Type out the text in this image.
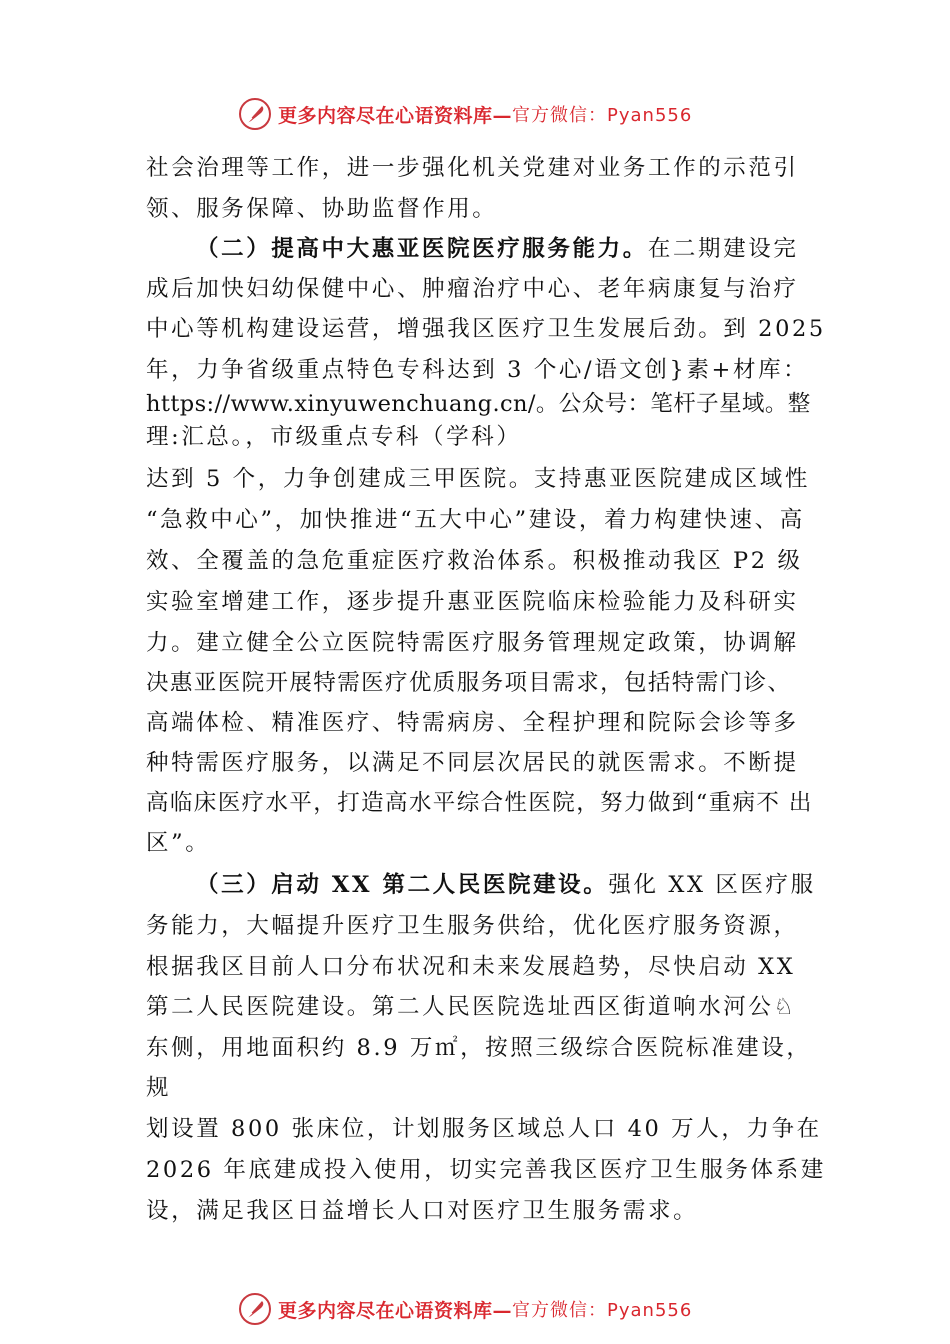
更多内容尽在心语资料库— 官方微信：Pyan556
社会治理等工作，进一步强化机关党建对业务工作的示范引
领、服务保障、协助监督作用。
（二）提高中大惠亚医院医疗服务能力。在二期建设完
成后加快妇幼保健中心、肿瘤治疗中心、老年病康复与治疗
中心等机构建设运营，增强我区医疗卫生发展后劲。到 2025
年，力争省级重点特色专科达到 3 个心/语文创}素+材库：
https://www.xinyuwenchuang.cn/。公众号：笔杆子星域。整
理:汇总。，市级重点专科（学科）
达到 5 个，力争创建成三甲医院。支持惠亚医院建成区域性
“急救中心”，加快推进“五大中心”建设，着力构建快速、高
效、全覆盖的急危重症医疗救治体系。积极推动我区 P2 级
实验室增建工作，逐步提升惠亚医院临床检验能力及科研实
力。建立健全公立医院特需医疗服务管理规定政策，协调解
决惠亚医院开展特需医疗优质服务项目需求，包括特需门诊、
高端体检、精准医疗、特需病房、全程护理和院际会诊等多
种特需医疗服务，以满足不同层次居民的就医需求。不断提
高临床医疗水平，打造高水平综合性医院，努力做到“重病不 出
区”。
（三）启动 XX 第二人民医院建设。强化 XX 区医疗服
务能力，大幅提升医疗卫生服务供给，优化医疗服务资源，
根据我区目前人口分布状况和未来发展趋势，尽快启动 XX
第二人民医院建设。第二人民医院选址西区街道响水河公♘
东侧，用地面积约 8.9 万㎡，按照三级综合医院标准建设，
规
划设置 800 张床位，计划服务区域总人口 40 万人，力争在
2026 年底建成投入使用，切实完善我区医疗卫生服务体系建
设，满足我区日益增长人口对医疗卫生服务需求。
更多内容尽在心语资料库— 官方微信：Pyan556
